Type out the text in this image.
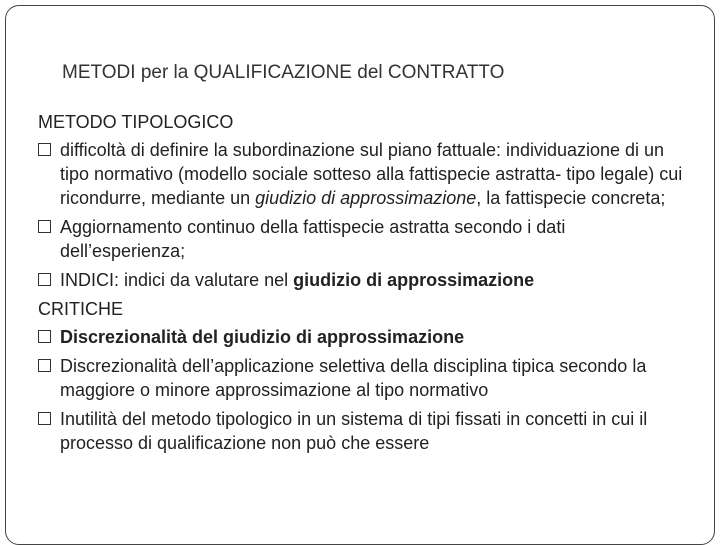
METODI per la QUALIFICAZIONE del CONTRATTO
METODO TIPOLOGICO
difficoltà di definire la subordinazione sul piano fattuale: individuazione di un tipo normativo (modello sociale sotteso alla fattispecie astratta- tipo legale) cui ricondurre, mediante un giudizio di approssimazione, la fattispecie concreta;
Aggiornamento continuo della fattispecie astratta secondo i dati dell’esperienza;
INDICI: indici da valutare nel giudizio di approssimazione
CRITICHE
Discrezionalità del giudizio di approssimazione
Discrezionalità dell’applicazione selettiva della disciplina tipica secondo la maggiore o minore approssimazione al tipo normativo
Inutilità del metodo tipologico in un sistema di tipi fissati in concetti in cui il processo di qualificazione non può che essere
